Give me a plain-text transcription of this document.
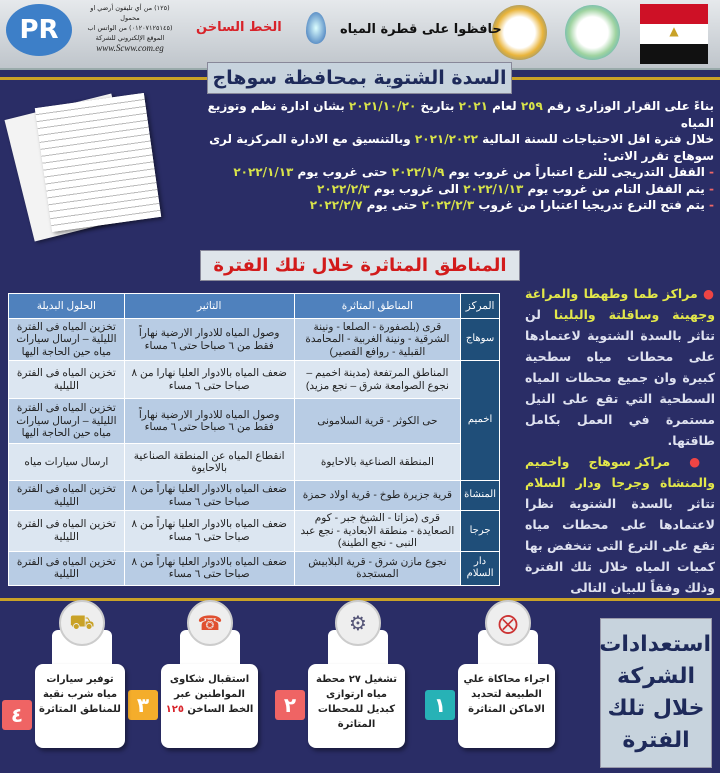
▲
حافظوا على قطرة المياه
الخط الساخن
(١٢٥) من أي تليفون أرضي او محمول
(٠١٢٠٧١٢٥١٤٥) من الواتس اب
الموقع الإلكتروني للشركة
www.Scww.com.eg
PR
السدة الشتوية بمحافظة سوهاج
بناءً على القرار الوزارى رقم ٢٥٩ لعام ٢٠٢١ بتاريخ ٢٠٢١/١٠/٢٠ بشان ادارة نظم وتوزيع المياه
خلال فترة اقل الاحتياجات للسنة المالية ٢٠٢١/٢٠٢٢ وبالتنسيق مع الادارة المركزية لرى
سوهاج تقرر الاتى:
- القفل التدريجى للترع اعتباراً من غروب يوم ٢٠٢٢/١/٩ حتى غروب يوم ٢٠٢٢/١/١٣
- يتم القفل التام من غروب يوم ٢٠٢٢/١/١٣ الى غروب يوم ٢٠٢٢/٢/٣
- يتم فتح الترع تدريجيا اعتبارا من غروب ٢٠٢٢/٢/٣ حتى يوم ٢٠٢٢/٢/٧
المناطق المتاثرة خلال تلك الفترة
المركز	المناطق المتاثرة	التاثير	الحلول البديلة
سوهاج	قرى (بلصفورة - الصلعا - ونينة الشرقية - ونينة الغربية - المحامدة القبلية - روافع القصير)	وصول المياه للادوار الارضية نهاراً فقط من ٦ صباحا حتى ٦ مساء	تخزين المياه فى الفترة الليلية – ارسال سيارات مياه حين الحاجة اليها
اخميم	المناطق المرتفعة (مدينة اخميم – نجوع الصوامعة شرق – نجع مزيد)	ضعف المياه بالادوار العليا نهارا من ٨ صباحا حتى ٦ مساء	تخزين المياه فى الفترة الليلية
	حى الكوثر - قرية السلامونى	وصول المياه للادوار الارضية نهاراً فقط من ٦ صباحا حتى ٦ مساء	تخزين المياه فى الفترة الليلية – ارسال سيارات مياه حين الحاجة اليها
	المنطقة الصناعية بالاحايوة	انقطاع المياه عن المنطقة الصناعية بالاحايوة	ارسال سيارات مياه
المنشاة	قرية جزيرة طوخ - قرية اولاد حمزة	ضعف المياه بالادوار العليا نهاراً من ٨ صباحا حتى ٦ مساء	تخزين المياه فى الفترة الليلية
جرجا	قرى (مزاتا - الشيخ جبر - كوم الصعايدة - منطقة الابعادية - نجع عبد النبى - نجع الطينة)	ضعف المياه بالادوار العليا نهاراً من ٨ صباحا حتى ٦ مساء	تخزين المياه فى الفترة الليلية
دار السلام	نجوع مازن شرق - قرية البلابيش المستجدة	ضعف المياه بالادوار العليا نهاراً من ٨ صباحا حتى ٦ مساء	تخزين المياه فى الفترة الليلية
● مراكز طما وطهطا والمراغة وجهينة وساقلتة والبلينا لن تتاثر بالسدة الشتوية لاعتمادها على محطات مياه سطحية كبيرة وان جميع محطات المياه السطحية التي تقع على النيل مستمرة في العمل بكامل طاقتها.
● مراكز سوهاج واخميم والمنشاة وجرجا ودار السلام تتاثر بالسدة الشتوية نظرا لاعتمادها على محطات مياه تقع على الترع التى تنخفض بها كميات المياه خلال تلك الفترة وذلك وفقاً للبيان التالى
استعدادات الشركة خلال تلك الفترة
⨂
اجراء محاكاة علي الطبيعة لتحديد الاماكن المتاثرة
١
⚙
تشغيل ٢٧ محطة مياه ارتوازى كبديل للمحطات المتاثرة
٢
☎
استقبال شكاوى المواطنين عبر الخط الساخن ١٢٥
٣
⛟
توفير سيارات مياه شرب نقية للمناطق المتاثرة
٤
